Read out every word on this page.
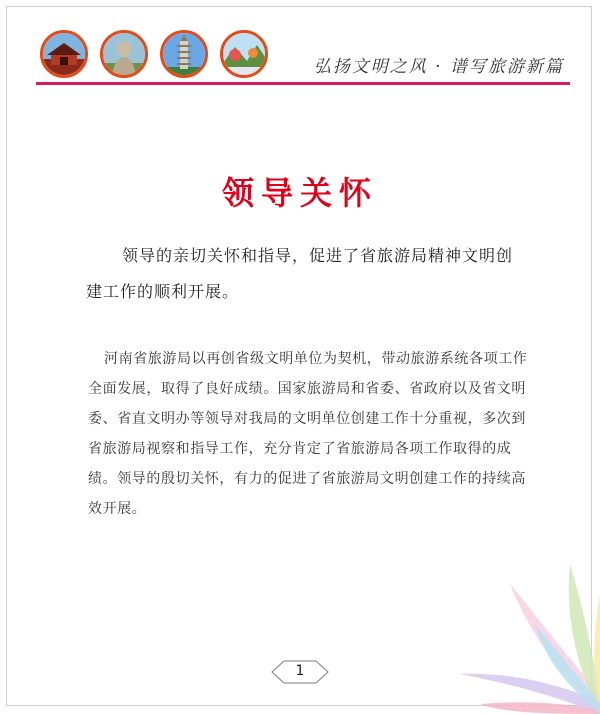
弘扬文明之风 · 谱写旅游新篇
领导关怀
领导的亲切关怀和指导，促进了省旅游局精神文明创建工作的顺利开展。
河南省旅游局以再创省级文明单位为契机，带动旅游系统各项工作全面发展，取得了良好成绩。国家旅游局和省委、省政府以及省文明委、省直文明办等领导对我局的文明单位创建工作十分重视，多次到省旅游局视察和指导工作，充分肯定了省旅游局各项工作取得的成绩。领导的殷切关怀，有力的促进了省旅游局文明创建工作的持续高效开展。
1
